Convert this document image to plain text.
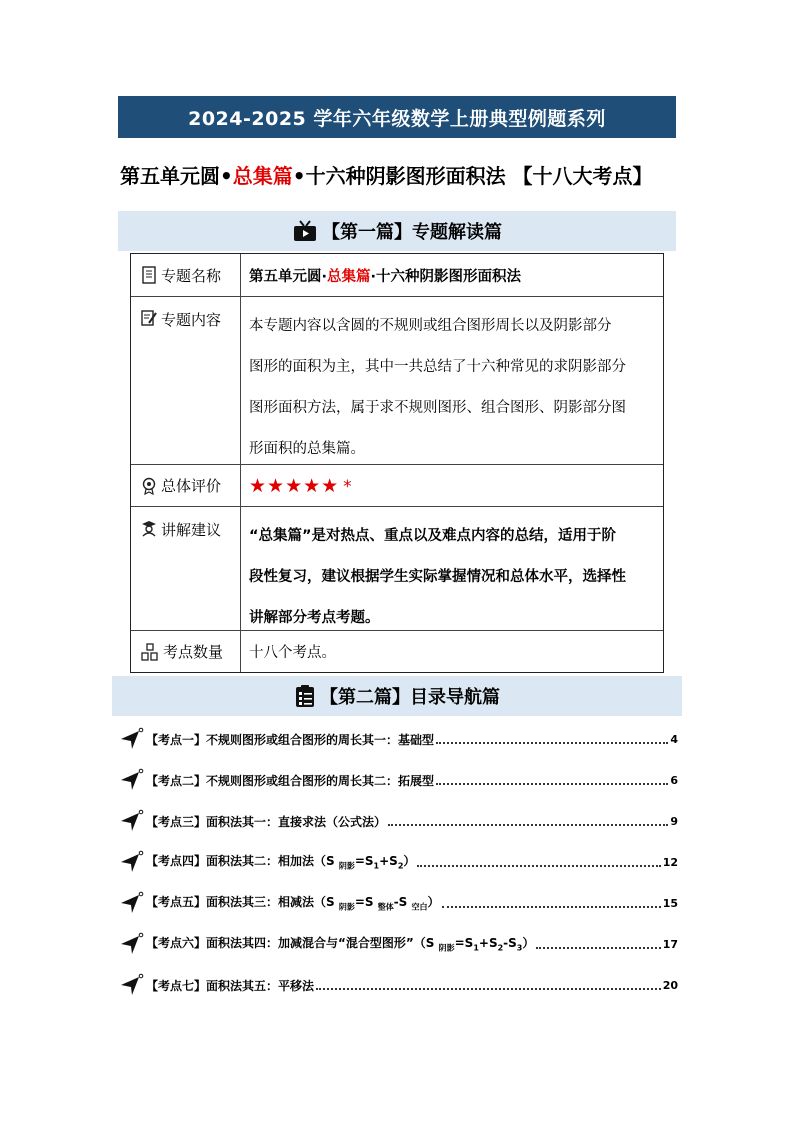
2024-2025 学年六年级数学上册典型例题系列
第五单元圆•总集篇•十六种阴影图形面积法 【十八大考点】
【第一篇】专题解读篇
专题名称 第五单元圆· 总集篇 ·十六种阴影图形面积法
专题内容 本专题内容以含圆的不规则或组合图形周长以及阴影部分
图形的面积为主，其中一共总结了十六种常见的求阴影部分
图形面积方法，属于求不规则图形、组合图形、阴影部分图
形面积的总集篇。
总体评价 ★★★★★ *
讲解建议 “总集篇”是对热点、重点以及难点内容的总结，适用于阶
段性复习，建议根据学生实际掌握情况和总体水平，选择性
讲解部分考点考题。
考点数量 十八个考点。
【第二篇】目录导航篇
【考点一】不规则图形或组合图形的周长其一：基础型	4
【考点二】不规则图形或组合图形的周长其二：拓展型	6
【考点三】面积法其一：直接求法（公式法）	9
【考点四】面积法其二：相加法（S $_{阴影}=S_1+S_2$）	12
【考点五】面积法其三：相减法（S $_{阴影}$=S $_{整体}$-S $_{空白}$）	15
【考点六】面积法其四：加减混合与“混合型图形”（S $_{阴影}=S_1+S_2-S_3$）	17
【考点七】面积法其五：平移法	20
